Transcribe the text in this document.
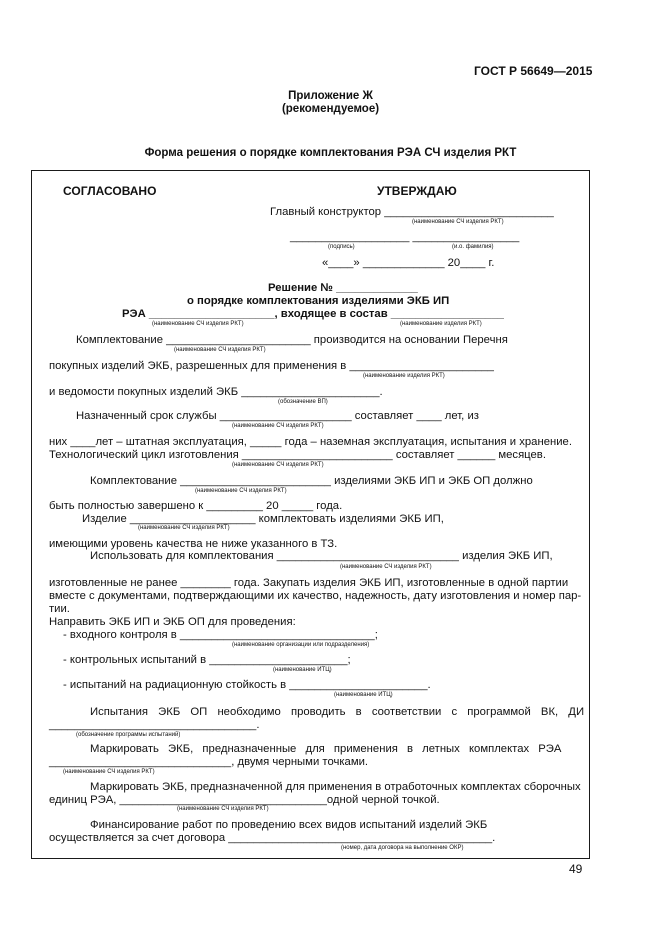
ГОСТ Р 56649—2015
Приложение Ж
(рекомендуемое)
Форма решения о порядке комплектования РЭА СЧ изделия РКТ
СОГЛАСОВАНО	УТВЕРЖДАЮ
Главный конструктор ___________________________
(наименование СЧ изделия РКТ)
___________________ _________________
(подпись)	(и.о. фамилия)
«____» _____________ 20____ г.
Решение № _____________
о порядке комплектования изделиями ЭКБ ИП
РЭА ____________________, входящее в состав __________________
(наименование СЧ изделия РКТ)	(наименование изделия РКТ)
Комплектование _______________________ производится на основании Перечня
(наименование СЧ изделия РКТ)
покупных изделий ЭКБ, разрешенных для применения в _______________________
(наименование изделия РКТ)
и ведомости покупных изделий ЭКБ ______________________.
(обозначение ВП)
Назначенный срок службы _____________________ составляет ____ лет, из
(наименование СЧ изделия РКТ)
них ____лет – штатная эксплуатация, _____ года – наземная эксплуатация, испытания и хранение.
Технологический цикл изготовления ________________________ составляет ______ месяцев.
(наименование СЧ изделия РКТ)
Комплектование ________________________ изделиями ЭКБ ИП и ЭКБ ОП должно
(наименование СЧ изделия РКТ)
быть полностью завершено к _________ 20 _____ года.
Изделие ____________________ комплектовать изделиями ЭКБ ИП,
(наименование СЧ изделия РКТ)
имеющими уровень качества не ниже указанного в ТЗ.
Использовать для комплектования _____________________________ изделия ЭКБ ИП,
(наименование СЧ изделия РКТ)
изготовленные не ранее ________ года. Закупать изделия ЭКБ ИП, изготовленные в одной партии
вместе с документами, подтверждающими их качество, надежность, дату изготовления и номер пар-
тии.
Направить ЭКБ ИП и ЭКБ ОП для проведения:
- входного контроля в _______________________________;
(наименование организации или подразделения)
- контрольных испытаний в ______________________;
(наименование ИТЦ)
- испытаний на радиационную стойкость в ______________________.
(наименование ИТЦ)
Испытания ЭКБ ОП необходимо проводить в соответствии с программой ВК, ДИ
_________________________________.
(обозначение программы испытаний)
Маркировать ЭКБ, предназначенные для применения в летных комплектах РЭА
_____________________________, двумя черными точками.
(наименование СЧ изделия РКТ)
Маркировать ЭКБ, предназначенной для применения в отработочных комплектах сборочных
единиц РЭА, _________________________________одной черной точкой.
(наименование СЧ изделия РКТ)
Финансирование работ по проведению всех видов испытаний изделий ЭКБ
осуществляется за счет договора __________________________________________.
(номер, дата договора на выполнение ОКР)
49
